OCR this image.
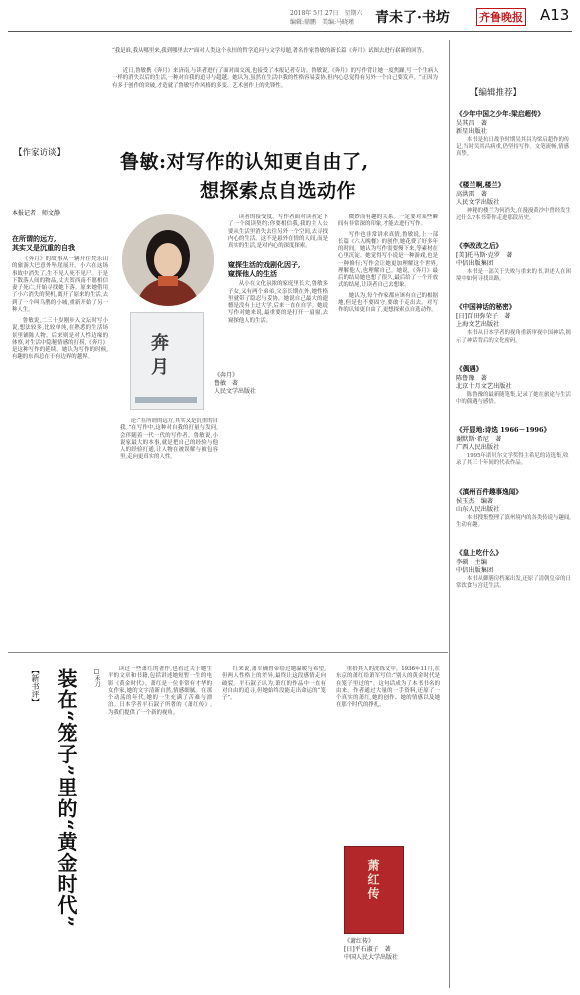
2018年 5月 27日　星期六
编辑:鼎鹏　美编:马晓瑾 青未了·书坊	齐鲁晚报 A13
“我是谁,我从哪里来,我到哪里去?”面对人类这个永恒的哲学追问与文学母题,著名作家鲁敏的新长篇《奔月》试图去进行崭新的回答。
近日,鲁敏携《奔月》来济南,与读者进行了面对面交流,也接受了本报记者专访。鲁敏说,《奔月》的写作背让她一度焦躁,写一个生病人一样的消失以后的生活,一种对自我的追寻与超越。她认为,虽然在生活中我的性格容易妥协,但内心总觉得有另外一个自己要发声。“正因为有多于创作的突破,才造就了鲁敏写作风格的多变、艺术创作上的先锋性。
【作家访谈】	鲁敏:对写作的认知更自由了,
想探索点自选动作
本报记者　师文静
在所谓的远方,
其实又是沉重的自我

《奔月》的故事从一辆开往梵乐山的旅游大巴意外坠崖展开。小六在这场事故中消失了,生不见人死不见尸。于是下散落人间的物品,丈夫贺西南不愿相信妻子死亡,开始寻找她下落。原来她借用了小六消失的契机,离开了原来的生活,去到了一个叫乌鹊的小城,重新开始了另一种人生。

鲁敏说,二三十岁刚步入文坛时写小说,想法较多,比较单纯,在熟悉的生活场景里铺陈人物。后来则是对人性边缘的体察,对生活中隐秘情感的打捞,《奔月》是这种写作的延续。她认为写作的时候,有趣的东西总在于有边界的越界。	奔月	《奔月》
鲁敏　著
人民文学出版社

论:“在所谓的远方,其实又是沉重的自我。”在写作中,这种对自我的打量与发问,会伴随着一代一代的写作者。鲁敏说,小说家最大的本事,就是把自己的经验与他人的经验打通,让人物在被误解与被包容里,走向更真实的人性。

读者的接受度。写作者面对读者定下了一个阅读契约;你要相信我,我的主人公要从生活里消失去往另外一个空间,去寻找内心的生活。这不是悬外在情的人间,而是真实的生活,是对内心的深度探索。

窥探生活的戏剧化因子,
窥探他人的生活

从小在文化氛浓的家庭里长大,鲁敏多子女,又有两个弟弟,父亲长期在外,她性格里就带了隐忍与妥协。她说自己最大的遗憾是没有上过大学,后来一直在自学。她说写作对她来说,最重要的是打开一扇窗,去窥探他人的生活。

微妙而有趣的关系。一定要对某些瞬间有非常深的印象,才能去进行写作。

写作也非常讲求真情,鲁敏说,上一部长篇《六人晚餐》的创作,她花费了好多年的时间。她认为写作需要慢下来,等素材在心里沉淀。她觉得写小说是一种游戏,也是一种修行;写作会让她更加理解这个世界,理解他人,也理解自己。她说,《奔月》最后的结局她也想了很久,最后给了一个开放式的结尾,让读者自己去想象。

她认为,每个作家都应该有自己的根据地,但是也不要固守,要敢于走出去。对写作的认知更自由了,更想探索点自选动作。

【新书评】	□禾刀
装在“笼子”里的“黄金时代”	读过一些萧红的著作,也看过关于她生平的文章和书籍,包括讲述她短暂一生的电影《黄金时代》。萧红是一位非常有才华的女作家,她的文字清新自然,情感细腻。在那个动荡的年代,她的一生充满了苦难与漂泊。日本学者平石淑子所著的《萧红传》,为我们提供了一个新的视角。

红来说,萧军确曾带给过她温暖与希望,但两人性格上的差异,最终让这段感情走向破裂。平石淑子认为,萧红的作品中一直有对自由的追寻,但她始终没能走出命运的“笼子”。

重拾其人的洗练文中。1936年11月,在东京的萧红给萧军写信:“别人的黄金时代是在笼子里过的”。这句话成为了本书书名的由来。作者通过大量的一手资料,还原了一个真实的萧红,她的创作、她的情感以及她在那个时代的挣扎。

萧红传
《萧红传》
[日]平石淑子　著
中国人民大学出版社
【编辑推荐】
《少年中国之少年:梁启超传》
吴其昌　著
新星出版社

本书是抗日战争时期吴其昌为梁启超作的传记,当时吴其昌病重,仍坚持写作。文笔流畅,情感真挚。

《楼兰啊,楼兰》
高洪雷　著
人民文学出版社

神秘的楼兰为何消失,在漫漫黄沙中曾经发生过什么?本书带你走进那段历史。

《李改改之后》
[美]托马斯·克罗　著
中信出版集团

本书是一部关于失败与重来的书,讲述人在困境中如何寻找出路。

《中国神话的秘密》
[日]百田弥荣子　著
上海文艺出版社

本书从日本学者的视角重新审视中国神话,揭示了神话背后的文化密码。

《偶遇》
陈鲁豫　著
北京十月文艺出版社

陈鲁豫的最新随笔集,记录了她在旅途与生活中的偶遇与感悟。

《开显地:诗选 1966－1996》
谢默斯·希尼　著
广西人民出版社

1995年诺贝尔文学奖得主希尼的诗选集,收录了其三十年间的代表作品。

《滇州百件趣事逸闻》
侯玉杰　编著
山东人民出版社

本书搜集整理了滇州境内的各类传说与趣闻,生动有趣。

《皇上吃什么》
李硕　主编
中信出版集团

本书从御膳房档案出发,还原了清朝皇帝的日常饮食与宫廷生活。
